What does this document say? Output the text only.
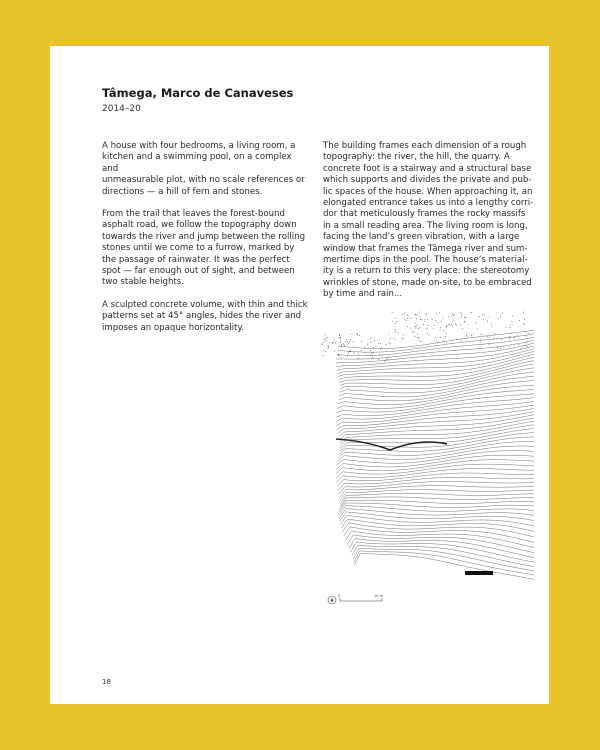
Tâmega, Marco de Canaveses
2014–20

A house with four bedrooms, a living room, a
kitchen and a swimming pool, on a complex and
unmeasurable plot, with no scale references or
directions — a hill of fern and stones.

From the trail that leaves the forest-bound
asphalt road, we follow the topography down
towards the river and jump between the rolling
stones until we come to a furrow, marked by
the passage of rainwater. It was the perfect
spot — far enough out of sight, and between
two stable heights.

A sculpted concrete volume, with thin and thick
patterns set at 45° angles, hides the river and
imposes an opaque horizontality.

The building frames each dimension of a rough
topography: the river, the hill, the quarry. A
concrete foot is a stairway and a structural base
which supports and divides the private and pub-
lic spaces of the house. When approaching it, an
elongated entrance takes us into a lengthy corri-
dor that meticulously frames the rocky massifs
in a small reading area. The living room is long,
facing the land’s green vibration, with a large
window that frames the Tâmega river and sum-
mertime dips in the pool. The house’s material-
ity is a return to this very place: the stereotomy
wrinkles of stone, made on-site, to be embraced
by time and rain...

0	10 m
18
